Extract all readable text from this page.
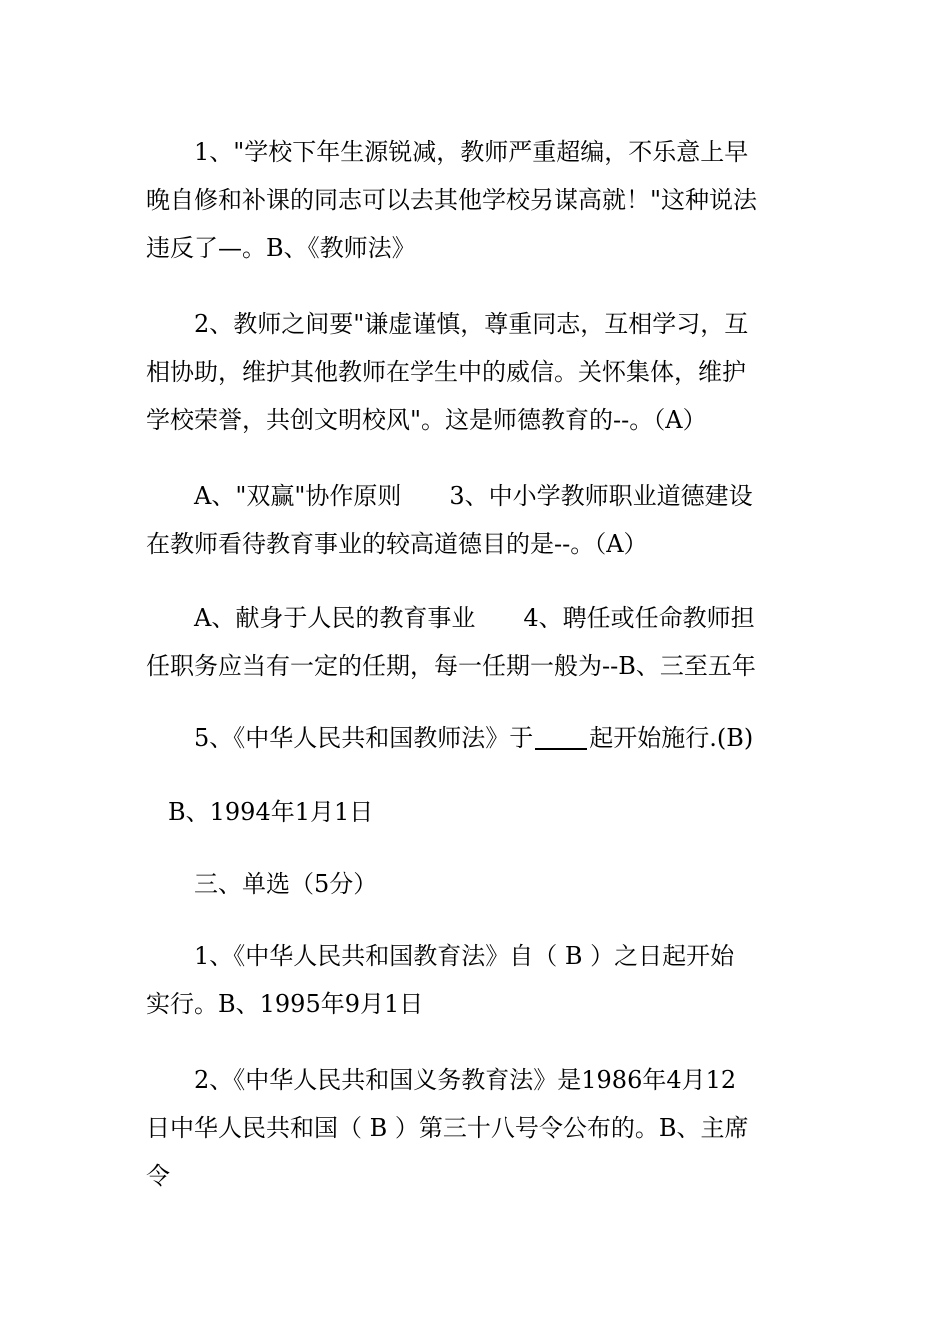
1、"学校下年生源锐减，教师严重超编，不乐意上早
晚自修和补课的同志可以去其他学校另谋高就！"这种说法
违反了—。B、《教师法》
2、教师之间要"谦虚谨慎，尊重同志，互相学习，互
相协助，维护其他教师在学生中的威信。关怀集体，维护
学校荣誉，共创文明校风"。这是师德教育的--。（A）
A、"双赢"协作原则　　3、中小学教师职业道德建设
在教师看待教育事业的较高道德目的是--。（A）
A、献身于人民的教育事业　　4、聘任或任命教师担
任职务应当有一定的任期，每一任期一般为--B、三至五年
5、《中华人民共和国教师法》于 起开始施行.(B)
B、1994年1月1日
三、单选（5分）
1、《中华人民共和国教育法》自（ B ）之日起开始
实行。B、1995年9月1日
2、《中华人民共和国义务教育法》是1986年4月12
日中华人民共和国（ B ）第三十八号令公布的。B、主席
令
